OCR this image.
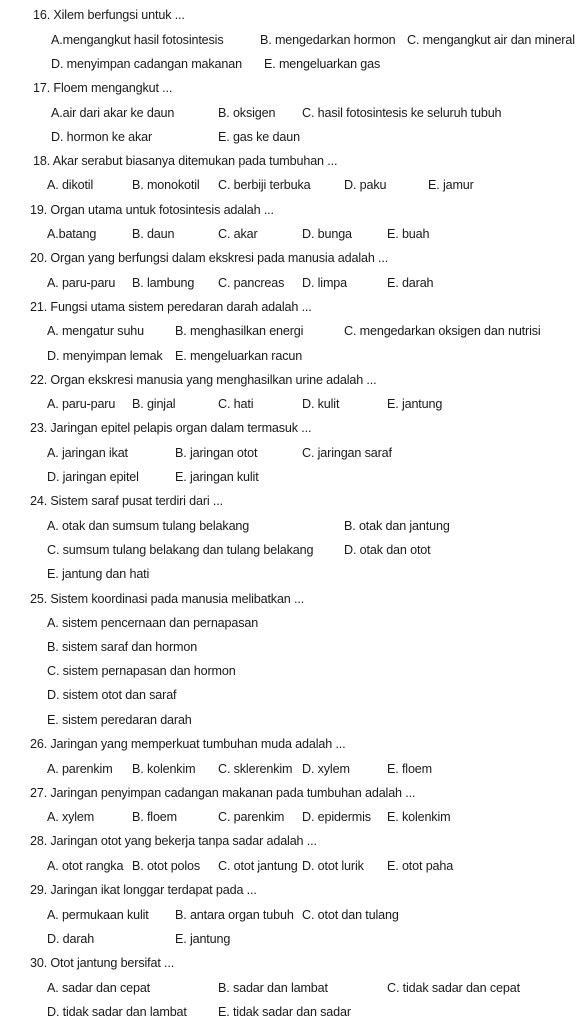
16. Xilem berfungsi untuk ...
A.mengangkut hasil fotosintesis	B. mengedarkan hormon C. mengangkut air dan mineral
D. menyimpan cadangan makanan E. mengeluarkan gas
17. Floem mengangkut ...
A.air dari akar ke daun	B. oksigen C. hasil fotosintesis ke seluruh tubuh
D. hormon ke akar	E. gas ke daun
18. Akar serabut biasanya ditemukan pada tumbuhan ...
A. dikotil	B. monokotil C. berbiji terbuka	D. paku	E. jamur
19. Organ utama untuk fotosintesis adalah ...
A.batang	B. daun	C. akar	D. bunga	E. buah
20. Organ yang berfungsi dalam ekskresi pada manusia adalah ...
A. paru-paru B. lambung C. pancreas D. limpa	E. darah
21. Fungsi utama sistem peredaran darah adalah ...
A. mengatur suhu B. menghasilkan energi	C. mengedarkan oksigen dan nutrisi
D. menyimpan lemak E. mengeluarkan racun
22. Organ ekskresi manusia yang menghasilkan urine adalah ...
A. paru-paru B. ginjal	C. hati	D. kulit	E. jantung
23. Jaringan epitel pelapis organ dalam termasuk ...
A. jaringan ikat	B. jaringan otot	C. jaringan saraf
D. jaringan epitel	E. jaringan kulit
24. Sistem saraf pusat terdiri dari ...
A. otak dan sumsum tulang belakang	B. otak dan jantung
C. sumsum tulang belakang dan tulang belakang D. otak dan otot
E. jantung dan hati
25. Sistem koordinasi pada manusia melibatkan ...
A. sistem pencernaan dan pernapasan
B. sistem saraf dan hormon
C. sistem pernapasan dan hormon
D. sistem otot dan saraf
E. sistem peredaran darah
26. Jaringan yang memperkuat tumbuhan muda adalah ...
A. parenkim B. kolenkim C. sklerenkim D. xylem	E. floem
27. Jaringan penyimpan cadangan makanan pada tumbuhan adalah ...
A. xylem	B. floem	C. parenkim D. epidermis E. kolenkim
28. Jaringan otot yang bekerja tanpa sadar adalah ...
A. otot rangka B. otot polos C. otot jantung D. otot lurik E. otot paha
29. Jaringan ikat longgar terdapat pada ...
A. permukaan kulit B. antara organ tubuh C. otot dan tulang
D. darah	E. jantung
30. Otot jantung bersifat ...
A. sadar dan cepat	B. sadar dan lambat	C. tidak sadar dan cepat
D. tidak sadar dan lambat E. tidak sadar dan sadar
